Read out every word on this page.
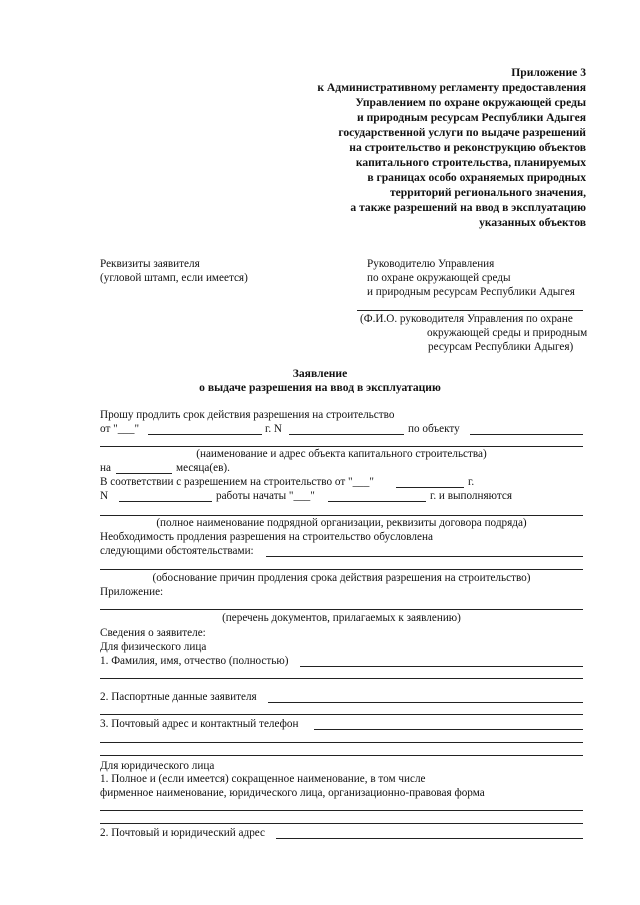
Приложение 3
к Административному регламенту предоставления
Управлением по охране окружающей среды
и природным ресурсам Республики Адыгея
государственной услуги по выдаче разрешений
на строительство и реконструкцию объектов
капитального строительства, планируемых
в границах особо охраняемых природных
территорий регионального значения,
а также разрешений на ввод в эксплуатацию
указанных объектов
Реквизиты заявителя
(угловой штамп, если имеется)
Руководителю Управления
по охране окружающей среды
и природным ресурсам Республики Адыгея
(Ф.И.О. руководителя Управления по охране
окружающей среды и природным
ресурсам Республики Адыгея)
Заявление
о выдаче разрешения на ввод в эксплуатацию
Прошу продлить срок действия разрешения на строительство
от "___"	г. N	по объекту
(наименование и адрес объекта капитального строительства)
на	месяца(ев).
В соответствии с разрешением на строительство от "___"	г.
N	работы начаты "___"	г. и выполняются
(полное наименование подрядной организации, реквизиты договора подряда)
Необходимость продления разрешения на строительство обусловлена
следующими обстоятельствами:
(обоснование причин продления срока действия разрешения на строительство)
Приложение:
(перечень документов, прилагаемых к заявлению)
Сведения о заявителе:
Для физического лица
1. Фамилия, имя, отчество (полностью)
2. Паспортные данные заявителя
3. Почтовый адрес и контактный телефон
Для юридического лица
1. Полное и (если имеется) сокращенное наименование, в том числе
фирменное наименование, юридического лица, организационно-правовая форма
2. Почтовый и юридический адрес
